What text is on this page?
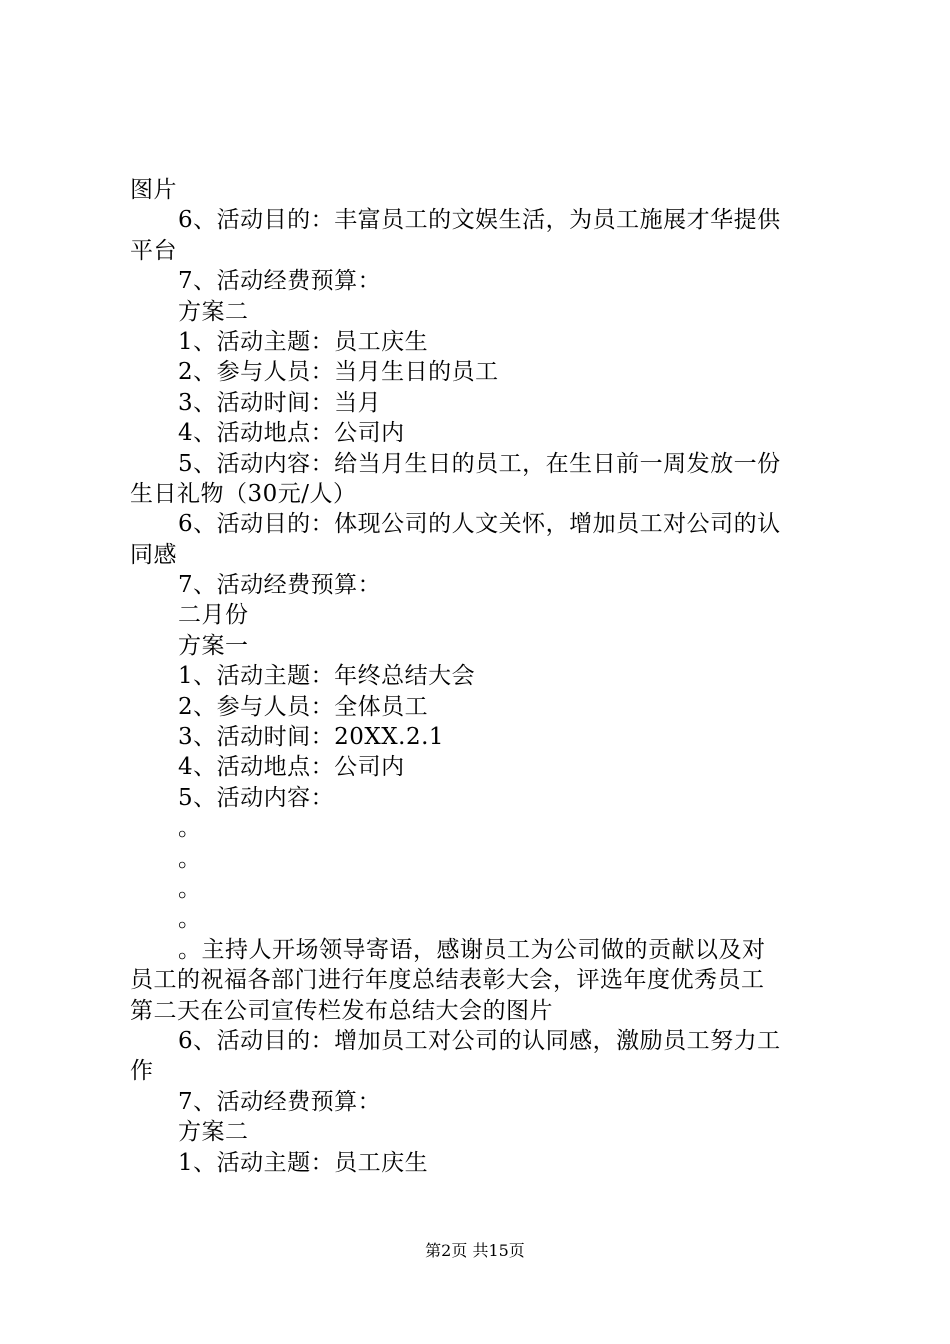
图片
6、活动目的：丰富员工的文娱生活，为员工施展才华提供
平台
7、活动经费预算：
方案二
1、活动主题：员工庆生
2、参与人员：当月生日的员工
3、活动时间：当月
4、活动地点：公司内
5、活动内容：给当月生日的员工，在生日前一周发放一份
生日礼物（30元/人）
6、活动目的：体现公司的人文关怀，增加员工对公司的认
同感
7、活动经费预算：
二月份
方案一
1、活动主题：年终总结大会
2、参与人员：全体员工
3、活动时间：20XX.2.1
4、活动地点：公司内
5、活动内容：
。
。
。
。
。主持人开场领导寄语，感谢员工为公司做的贡献以及对
员工的祝福各部门进行年度总结表彰大会，评选年度优秀员工
第二天在公司宣传栏发布总结大会的图片
6、活动目的：增加员工对公司的认同感，激励员工努力工
作
7、活动经费预算：
方案二
1、活动主题：员工庆生
第2页 共15页
